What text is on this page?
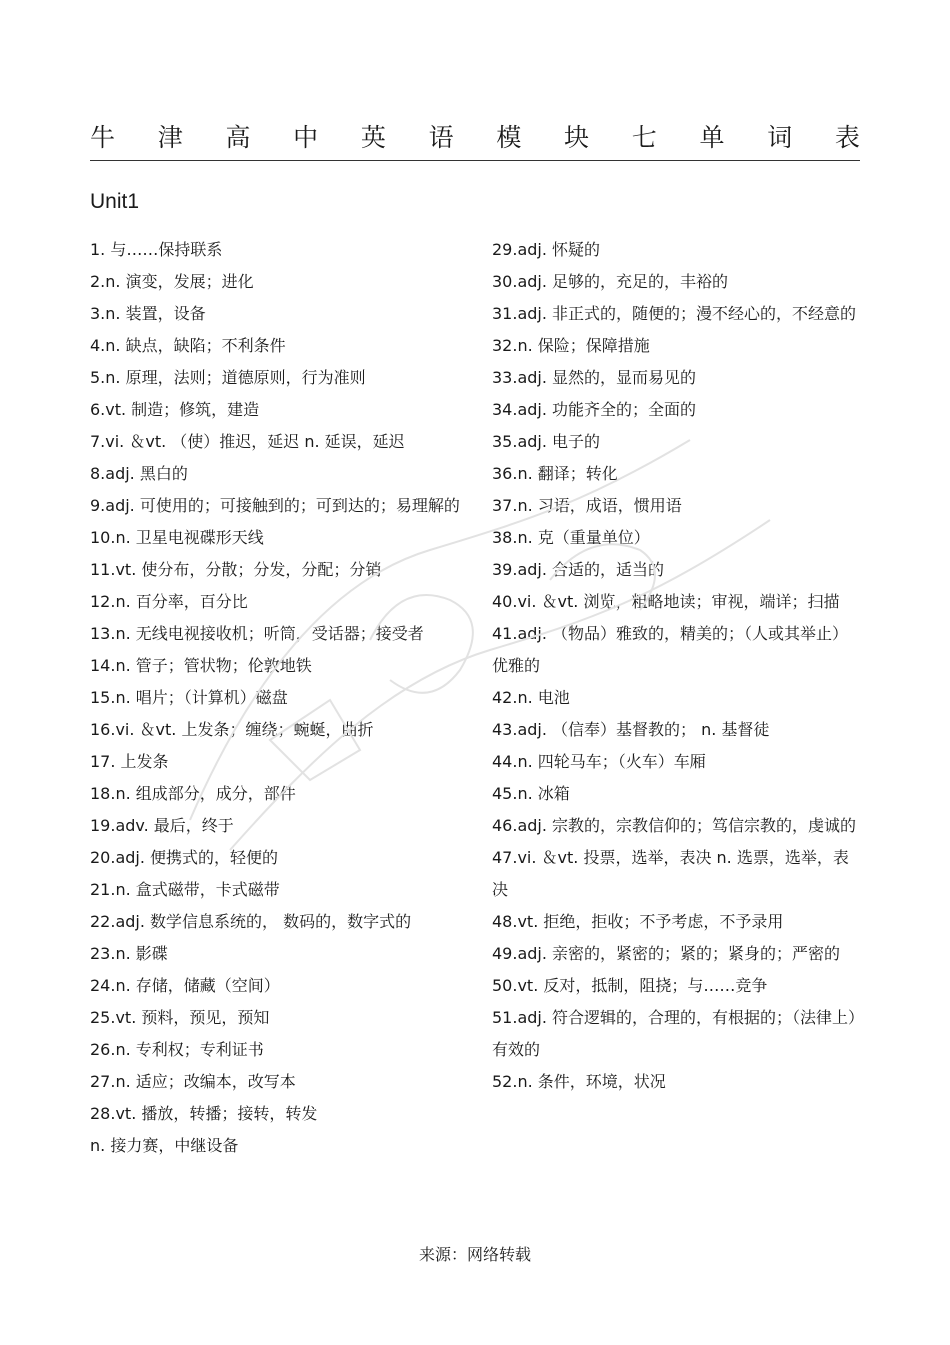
牛 津 高 中 英 语 模 块 七 单 词 表
Unit1

1. 与……保持联系

2.n. 演变，发展；进化

3.n. 装置，设备

4.n. 缺点，缺陷；不利条件

5.n. 原理，法则；道德原则，行为准则

6.vt. 制造；修筑，建造

7.vi. ＆vt. （使）推迟，延迟 n. 延误，延迟

8.adj. 黑白的

9.adj. 可使用的；可接触到的；可到达的；易理解的

10.n. 卫星电视碟形天线

11.vt. 使分布，分散；分发，分配；分销

12.n. 百分率，百分比

13.n. 无线电视接收机；听筒，受话器；接受者

14.n. 管子；管状物；伦敦地铁

15.n. 唱片；（计算机）磁盘

16.vi. ＆vt. 上发条；缠绕；蜿蜒，曲折

17. 上发条

18.n. 组成部分，成分，部件

19.adv. 最后，终于

20.adj. 便携式的，轻便的

21.n. 盒式磁带，卡式磁带

22.adj. 数学信息系统的， 数码的，数字式的

23.n. 影碟

24.n. 存储，储藏（空间）

25.vt. 预料，预见，预知

26.n. 专利权；专利证书

27.n. 适应；改编本，改写本

28.vt. 播放，转播；接转，转发

n. 接力赛，中继设备

29.adj. 怀疑的

30.adj. 足够的，充足的，丰裕的

31.adj. 非正式的，随便的；漫不经心的，不经意的

32.n. 保险；保障措施

33.adj. 显然的，显而易见的

34.adj. 功能齐全的；全面的

35.adj. 电子的

36.n. 翻译；转化

37.n. 习语，成语，惯用语

38.n. 克（重量单位）

39.adj. 合适的，适当的

40.vi. ＆vt. 浏览，粗略地读；审视，端详；扫描

41.adj. （物品）雅致的，精美的；（人或其举止）优雅的

42.n. 电池

43.adj. （信奉）基督教的； n. 基督徒

44.n. 四轮马车；（火车）车厢

45.n. 冰箱

46.adj. 宗教的，宗教信仰的；笃信宗教的，虔诚的

47.vi. ＆vt. 投票，选举，表决 n. 选票，选举，表决

48.vt. 拒绝，拒收；不予考虑，不予录用

49.adj. 亲密的，紧密的；紧的；紧身的；严密的

50.vt. 反对，抵制，阻挠；与……竞争

51.adj. 符合逻辑的，合理的，有根据的；（法律上）有效的

52.n. 条件，环境，状况

来源：网络转载
